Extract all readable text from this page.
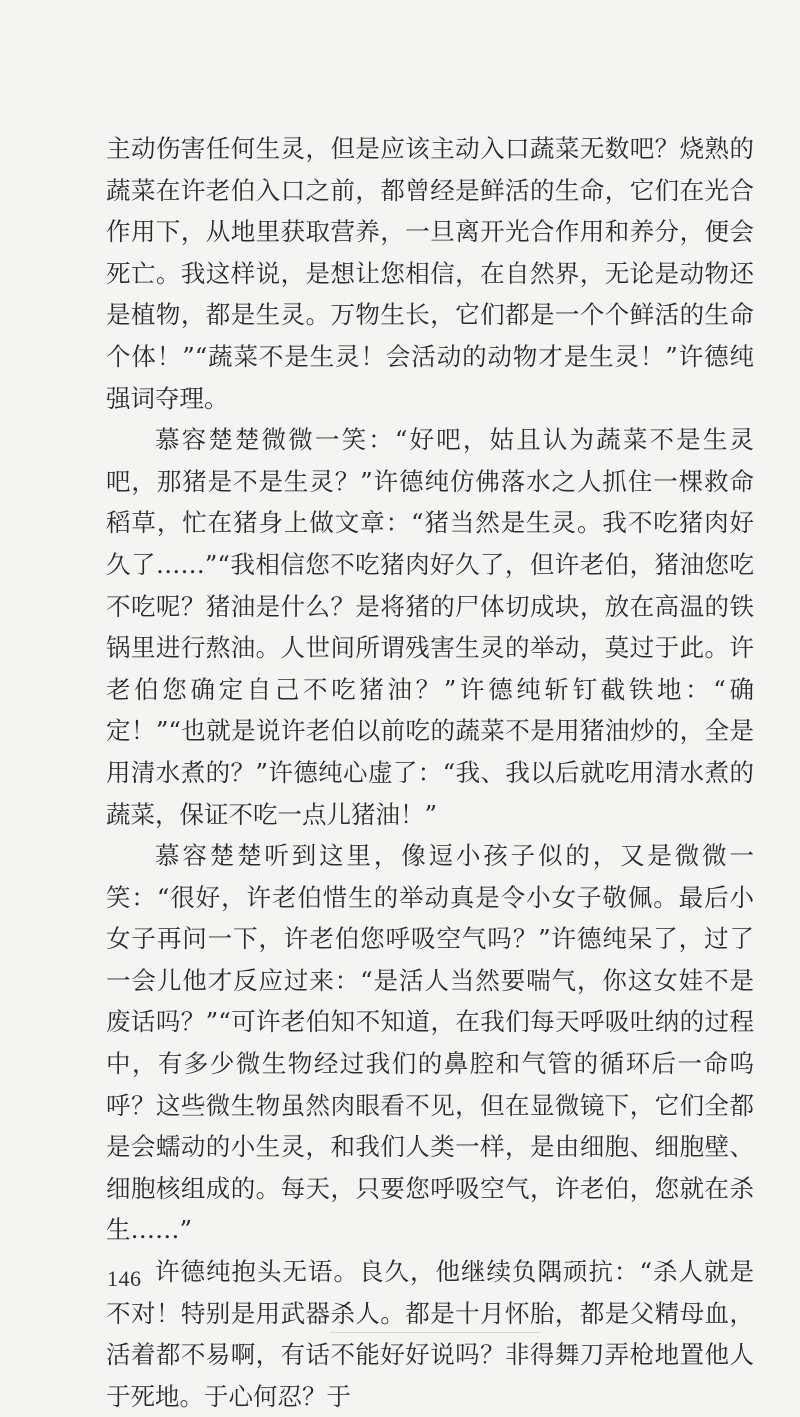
主动伤害任何生灵，但是应该主动入口蔬菜无数吧？烧熟的蔬菜在许老伯入口之前，都曾经是鲜活的生命，它们在光合作用下，从地里获取营养，一旦离开光合作用和养分，便会死亡。我这样说，是想让您相信，在自然界，无论是动物还是植物，都是生灵。万物生长，它们都是一个个鲜活的生命个体！”“蔬菜不是生灵！会活动的动物才是生灵！”许德纯强词夺理。

慕容楚楚微微一笑：“好吧，姑且认为蔬菜不是生灵吧，那猪是不是生灵？”许德纯仿佛落水之人抓住一棵救命稻草，忙在猪身上做文章：“猪当然是生灵。我不吃猪肉好久了……”“我相信您不吃猪肉好久了，但许老伯，猪油您吃不吃呢？猪油是什么？是将猪的尸体切成块，放在高温的铁锅里进行熬油。人世间所谓残害生灵的举动，莫过于此。许老伯您确定自己不吃猪油？”许德纯斩钉截铁地：“确定！”“也就是说许老伯以前吃的蔬菜不是用猪油炒的，全是用清水煮的？”许德纯心虚了：“我、我以后就吃用清水煮的蔬菜，保证不吃一点儿猪油！”

慕容楚楚听到这里，像逗小孩子似的，又是微微一笑：“很好，许老伯惜生的举动真是令小女子敬佩。最后小女子再问一下，许老伯您呼吸空气吗？”许德纯呆了，过了一会儿他才反应过来：“是活人当然要喘气，你这女娃不是废话吗？”“可许老伯知不知道，在我们每天呼吸吐纳的过程中，有多少微生物经过我们的鼻腔和气管的循环后一命呜呼？这些微生物虽然肉眼看不见，但在显微镜下，它们全都是会蠕动的小生灵，和我们人类一样，是由细胞、细胞壁、细胞核组成的。每天，只要您呼吸空气，许老伯，您就在杀生……”

许德纯抱头无语。良久，他继续负隅顽抗：“杀人就是不对！特别是用武器杀人。都是十月怀胎，都是父精母血，活着都不易啊，有话不能好好说吗？非得舞刀弄枪地置他人于死地。于心何忍？于

146
